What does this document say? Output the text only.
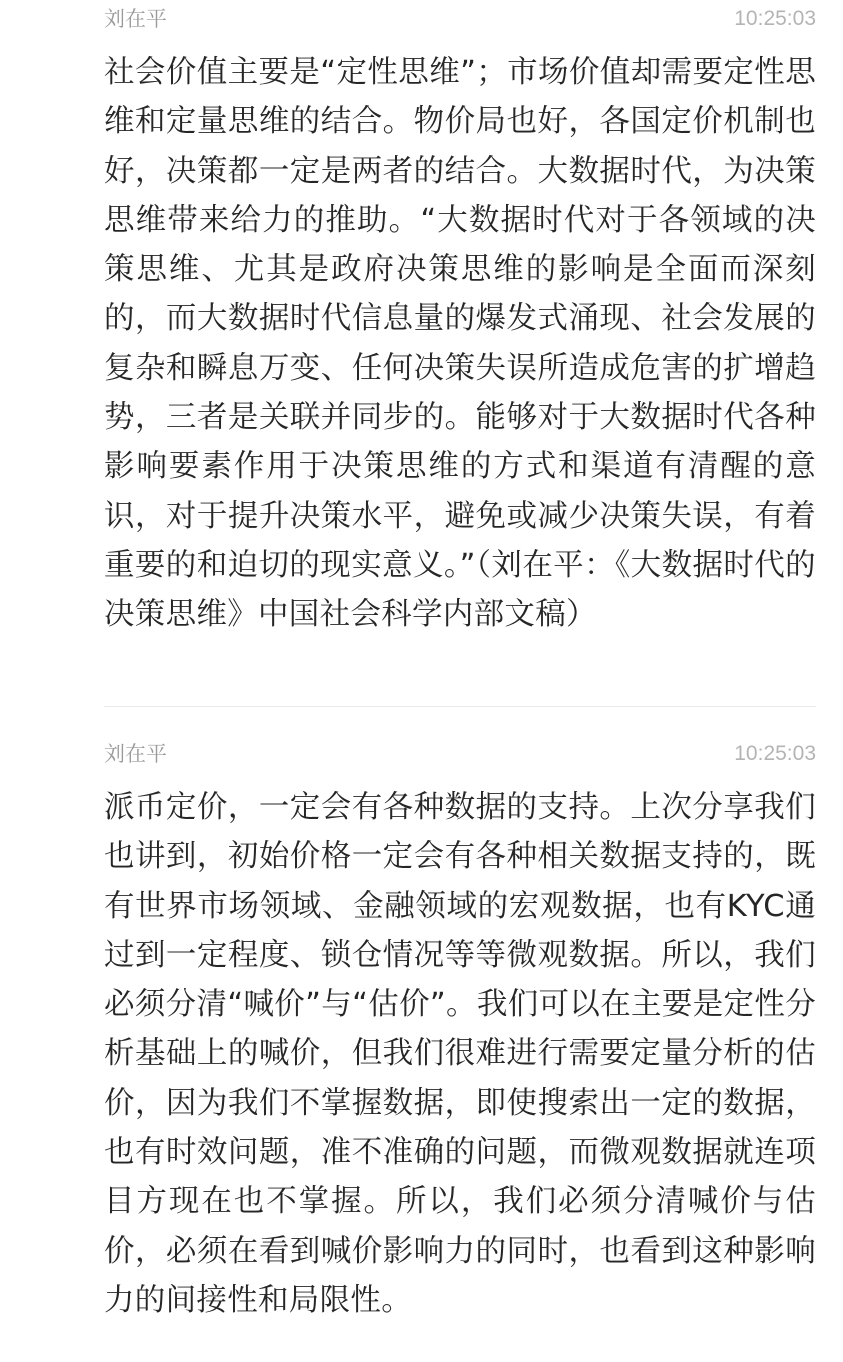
刘在平	10:25:03

社会价值主要是“定性思维”；市场价值却需要定性思维和定量思维的结合。物价局也好，各国定价机制也好，决策都一定是两者的结合。大数据时代，为决策思维带来给力的推助。“大数据时代对于各领域的决策思维、尤其是政府决策思维的影响是全面而深刻的，而大数据时代信息量的爆发式涌现、社会发展的复杂和瞬息万变、任何决策失误所造成危害的扩增趋势，三者是关联并同步的。能够对于大数据时代各种影响要素作用于决策思维的方式和渠道有清醒的意识，对于提升决策水平，避免或减少决策失误，有着重要的和迫切的现实意义。”（刘在平：《大数据时代的决策思维》中国社会科学内部文稿）

刘在平	10:25:03

派币定价，一定会有各种数据的支持。上次分享我们也讲到，初始价格一定会有各种相关数据支持的，既有世界市场领域、金融领域的宏观数据，也有KYC通过到一定程度、锁仓情况等等微观数据。所以，我们必须分清“喊价”与“估价”。我们可以在主要是定性分析基础上的喊价，但我们很难进行需要定量分析的估价，因为我们不掌握数据，即使搜索出一定的数据，也有时效问题，准不准确的问题，而微观数据就连项目方现在也不掌握。所以，我们必须分清喊价与估价，必须在看到喊价影响力的同时，也看到这种影响力的间接性和局限性。
